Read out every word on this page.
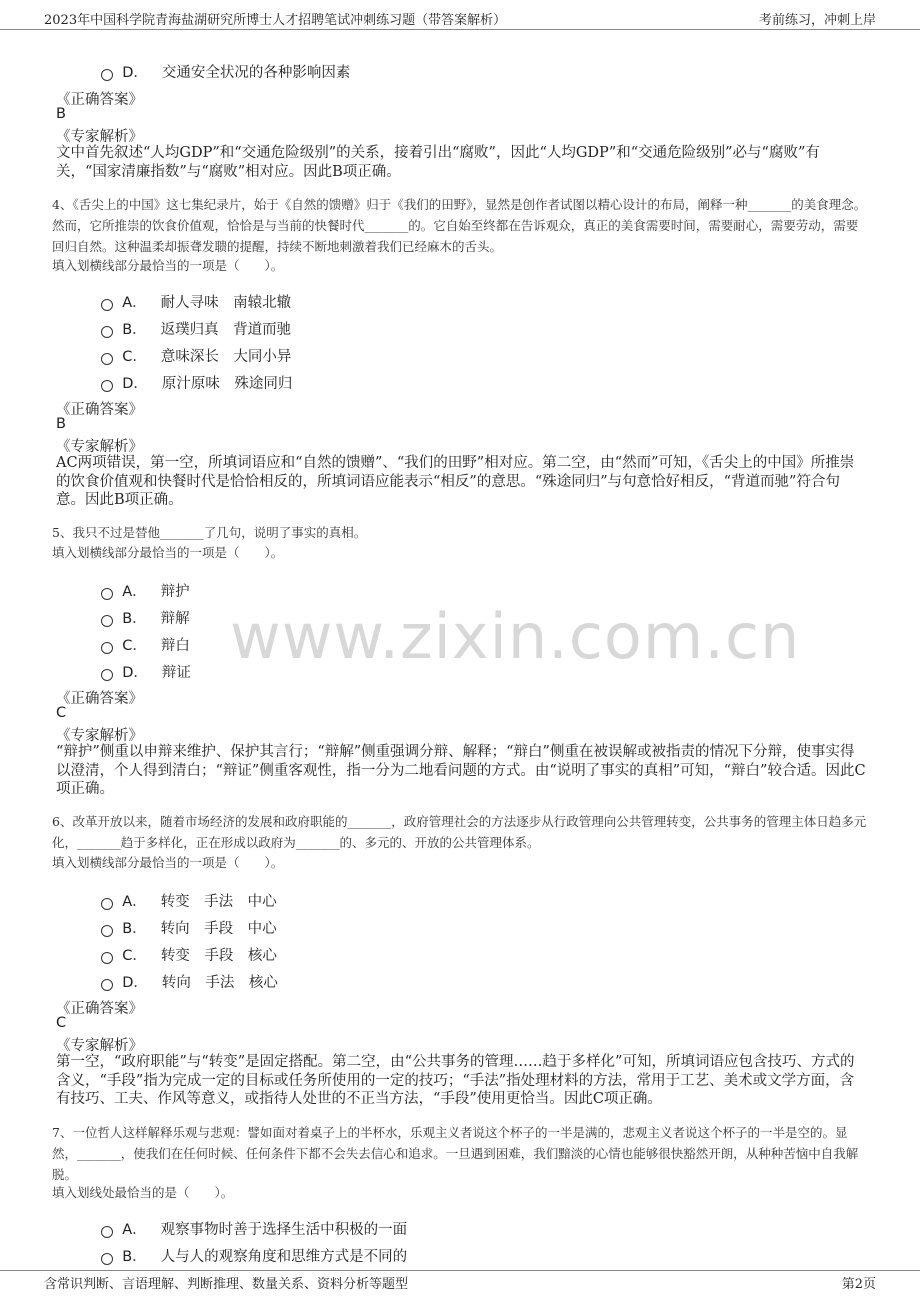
2023年中国科学院青海盐湖研究所博士人才招聘笔试冲刺练习题（带答案解析）	考前练习，冲刺上岸
www.zixin.com.cn

D． 交通安全状况的各种影响因素

《正确答案》
B
《专家解析》
文中首先叙述“人均GDP”和“交通危险级别”的关系，接着引出“腐败”，因此“人均GDP”和“交通危险级别”必与“腐败”有关，“国家清廉指数”与“腐败”相对应。因此B项正确。
4、《舌尖上的中国》这七集纪录片，始于《自然的馈赠》归于《我们的田野》，显然是创作者试图以精心设计的布局，阐释一种_______的美食理念。然而，它所推崇的饮食价值观，恰恰是与当前的快餐时代_______的。它自始至终都在告诉观众，真正的美食需要时间，需要耐心，需要劳动，需要回归自然。这种温柔却振聋发聩的提醒，持续不断地刺激着我们已经麻木的舌头。
填入划横线部分最恰当的一项是（　　）。

A． 耐人寻味　南辕北辙

B． 返璞归真　背道而驰

C． 意味深长　大同小异

D． 原汁原味　殊途同归

《正确答案》
B
《专家解析》
AC两项错误，第一空，所填词语应和“自然的馈赠”、“我们的田野”相对应。第二空，由“然而”可知，《舌尖上的中国》所推崇的饮食价值观和快餐时代是恰恰相反的，所填词语应能表示“相反”的意思。“殊途同归”与句意恰好相反，“背道而驰”符合句意。因此B项正确。
5、我只不过是替他_______了几句，说明了事实的真相。
填入划横线部分最恰当的一项是（　　）。

A． 辩护

B． 辩解

C． 辩白

D． 辩证

《正确答案》
C
《专家解析》
“辩护”侧重以申辩来维护、保护其言行；“辩解”侧重强调分辩、解释；“辩白”侧重在被误解或被指责的情况下分辩，使事实得以澄清，个人得到清白；“辩证”侧重客观性，指一分为二地看问题的方式。由“说明了事实的真相”可知，“辩白”较合适。因此C项正确。
6、改革开放以来，随着市场经济的发展和政府职能的_______，政府管理社会的方法逐步从行政管理向公共管理转变，公共事务的管理主体日趋多元化，_______趋于多样化，正在形成以政府为_______的、多元的、开放的公共管理体系。
填入划横线部分最恰当的一项是（　　）。

A． 转变　手法　中心

B． 转向　手段　中心

C． 转变　手段　核心

D． 转向　手法　核心

《正确答案》
C
《专家解析》
第一空，“政府职能”与“转变”是固定搭配。第二空，由“公共事务的管理……趋于多样化”可知，所填词语应包含技巧、方式的含义，“手段”指为完成一定的目标或任务所使用的一定的技巧；“手法”指处理材料的方法，常用于工艺、美术或文学方面，含有技巧、工夫、作风等意义，或指待人处世的不正当方法，“手段”使用更恰当。因此C项正确。
7、一位哲人这样解释乐观与悲观：譬如面对着桌子上的半杯水，乐观主义者说这个杯子的一半是满的，悲观主义者说这个杯子的一半是空的。显然，_______，使我们在任何时候、任何条件下都不会失去信心和追求。一旦遇到困难，我们黯淡的心情也能够很快豁然开朗，从种种苦恼中自我解脱。
填入划线处最恰当的是（　　）。

A． 观察事物时善于选择生活中积极的一面

B． 人与人的观察角度和思维方式是不同的

含常识判断、言语理解、判断推理、数量关系、资料分析等题型	第2页
